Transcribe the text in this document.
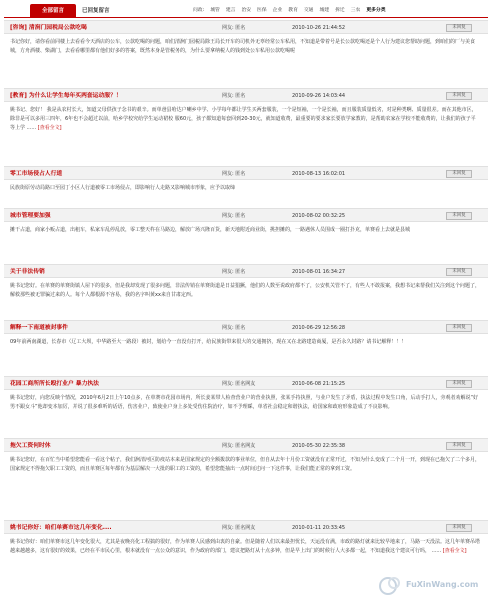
全部留言	已回复留言	问政:	城管	建言	治安	医保	企业	教育	交通	城建	拆迁	三农	更多分类
[咨询] 清涧门园税局公款吃喝	网友: 匿名	2010-10-26 21:44:52	未回复
书记你好，请你看前同楼上去看看今天酒店的公车，公款吃喝的问题，咱们清涧门园税局除王局长开车的司机外无辜经常公车私用，不知道是带着号是长公款吃喝还是个人行为建议您帮助问题，到咱们的厂与美食城，方舟酒楼、柴湖门，去看看哪里都有他们好多的答案，既然本身是管税务的，为什么要拿纳税人的钱到处公车私用公款吃喝呢
[教育] 为什么让学生每年买两套运动服？！	网友: 匿名	2010-09-26 14:03:44	未回复
姚书记、您好！ 我是从农村长大，知道父母供孩子念书的艰辛。而单爸县哈达户喇乡中学、小学每年都让学生买两套服装，一个是短袖，一个是长袖，而且服装质量低劣，对是种类啊、质量很差。而在其他市区，除非是可以多用三四年，6年也不会超过以前，哈乡学校究给学生运动裙校 服60元，孩子都知道每套回到20-30元，就知道收费，最重要的要求家长要放学家教的，是帮助农家在学校不能收费的，让我们的孩子平等上学 ...... [查看全文]
零工市场侵占人行道	网友: 匿名	2010-08-13 16:02:01	未回复
民族街原劳动局路口至园丁小区人行道被零工市场侵占，即影响行人走路又影响城市形象，应予以取缔
城市管理要加强	网友: 匿名	2010-08-02 00:32:25	未回复
摊干占道，商家小贩占道，出租车，私家车乱停乱放，零工整天杵在马路边，解放广场兴隆百货，新天地附近商业街，挑担摊的，一路遇休人员围成一圈打扑克，单赛看上去就是县城
关于非法传销	网友: 匿名	2010-08-01 16:34:27	未回复
姚书记您好。在单赛的单赛街镇人屋下的很多，但是我却发现了很多问题，非法传销在单赛街道是日益猖獗，他们的人数至说政府都不了，公安机关管不了，有些人不敢报案，我想书记来帮我们关注到这个问题了，解救那些被无罪骗过来的人。每个人都根源不容易，我的名字叫黄xx来自甘肃定西。
解释一下南道被封事件	网友: 匿名	2010-06-29 12:56:28	未回复
09年前两南湖道，长春市（辽工大坝，中华路至大一路段）被封，划给今一直没有打开，给民族街带来很大的交通拥挤，现在又在北路建造商厦，是否永久封路？请书记解释！！！
花园工商所所长殴打业户 暴力执法	网友: 匿名网友	2010-06-08 21:15:25	未回复
姚书记您好，向您反映个情况，2010年6月2日上午10点多，在单赛市花园市场内，所长姜某带人检查营业户的营业执照，张某手持执照，与业户发生了矛盾，执法过程中发生口角，后动手打人，旁观者劝解说“好男不跟女斗”他却变本加厉，并说了很多难听的话语，伤害业户，致使业户身上多处受伤住院治疗，如不予理睬，单省社会稳定和谐执法，给国家和政府形象造成了不良影响。
拖欠工资何时休	网友: 匿名网友	2010-05-30 22:35:38	未回复
姚书记您好，在百忙当中希望您能看一看这个帖子，我们涧清河区防疫站本来是国家规定的全额拨款的事业单位，但自从去年十月份工资就没有正常开过，不知为什么变成了二个月一开，到现在已拖欠了二个多月，国家规定不得拖欠职工工资的，而且单赛区每年都有为基层解决一大批的职工的工资的，希望您能抽出一点时间过问一下这件事，让我们能正常的拿到工资。
姚书记你好：咱们单赛市这几年变化....	网友: 匿名网友	2010-01-11 20:33:45	未回复
姚书记你好：咱们单赛市这几年变化很大，尤其是夜晚亮化工程搞的很好，作为单赛人民感到由衷的自豪。但是随着人们以来最担忧长，天运没有满，市政的路灯就来比较早地来了，马路一天没法。这几年单赛吊塔越来越越多，这有很好的效果，已经在平市民心里，根本就没有一点公众的意识，作为政府的部门，建议把路灯从十点多钟，但是早上出门的时候行人大多都一起，不知道我这个建议可行吗， ...... [查看全文]
FuXinWang.com
